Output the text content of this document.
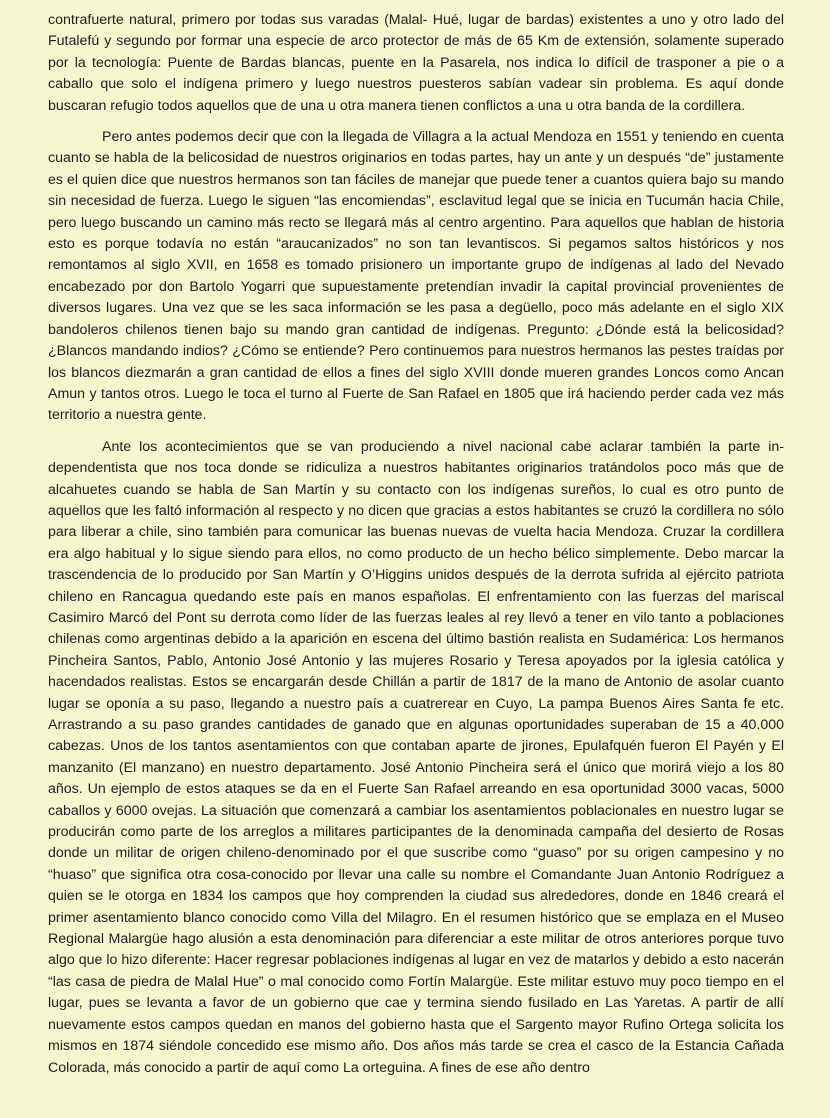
contrafuerte natural, primero por todas sus varadas (Malal- Hué, lugar de bardas) existentes a uno y otro lado del Futalefú y segundo por formar una especie de arco protector de más de 65 Km de extensión, solamente superado por la tecnología: Puente de Bardas blancas, puente en la Pasarela, nos indica lo difícil de trasponer a pie o a caballo que solo el indígena primero y luego nuestros puesteros sabían vadear sin problema. Es aquí donde buscaran refugio todos aquellos que de una u otra manera tienen conflictos a una u otra banda de la cordillera.

Pero antes podemos decir que con la llegada de Villagra a la actual Mendoza en 1551 y teniendo en cuenta cuanto se habla de la belicosidad de nuestros originarios en todas partes, hay un ante y un después “de” justamente es el quien dice que nuestros hermanos son tan fáciles de manejar que puede tener a cuantos quiera bajo su mando sin necesidad de fuerza. Luego le siguen “las encomiendas”, esclavitud legal que se inicia en Tucumán hacia Chile, pero luego buscando un camino más recto se llegará más al centro argentino. Para aquellos que hablan de historia esto es porque todavía no están “araucanizados” no son tan levantiscos. Si pegamos saltos históricos y nos remontamos al siglo XVII, en 1658 es tomado prisionero un importante grupo de indígenas al lado del Nevado encabezado por don Bartolo Yogarri que supuestamente pretendían invadir la capital provincial provenientes de diversos lugares. Una vez que se les saca información se les pasa a degüello, poco más adelante en el siglo XIX bandoleros chilenos tienen bajo su mando gran cantidad de indígenas. Pregunto: ¿Dónde está la belicosidad? ¿Blancos mandando indios? ¿Cómo se entiende? Pero continuemos para nuestros hermanos las pestes traídas por los blancos diezmarán a gran cantidad de ellos a fines del siglo XVIII donde mueren grandes Loncos como Ancan Amun y tantos otros. Luego le toca el turno al Fuerte de San Rafael en 1805 que irá haciendo perder cada vez más territorio a nuestra gente.

Ante los acontecimientos que se van produciendo a nivel nacional cabe aclarar también la parte independentista que nos toca donde se ridiculiza a nuestros habitantes originarios tratándolos poco más que de alcahuetes cuando se habla de San Martín y su contacto con los indígenas sureños, lo cual es otro punto de aquellos que les faltó información al respecto y no dicen que gracias a estos habitantes se cruzó la cordillera no sólo para liberar a chile, sino también para comunicar las buenas nuevas de vuelta hacia Mendoza. Cruzar la cordillera era algo habitual y lo sigue siendo para ellos, no como producto de un hecho bélico simplemente. Debo marcar la trascendencia de lo producido por San Martín y O’Higgins unidos después de la derrota sufrida al ejército patriota chileno en Rancagua quedando este país en manos españolas. El enfrentamiento con las fuerzas del mariscal Casimiro Marcó del Pont su derrota como líder de las fuerzas leales al rey llevó a tener en vilo tanto a poblaciones chilenas como argentinas debido a la aparición en escena del último bastión realista en Sudamérica: Los hermanos Pincheira Santos, Pablo, Antonio José Antonio y las mujeres Rosario y Teresa apoyados por la iglesia católica y hacendados realistas. Estos se encargarán desde Chillán a partir de 1817 de la mano de Antonio de asolar cuanto lugar se oponía a su paso, llegando a nuestro país a cuatrerear en Cuyo, La pampa Buenos Aires Santa fe etc. Arrastrando a su paso grandes cantidades de ganado que en algunas oportunidades superaban de 15 a 40.000 cabezas. Unos de los tantos asentamientos con que contaban aparte de jirones, Epulafquén fueron El Payén y El manzanito (El manzano) en nuestro departamento. José Antonio Pincheira será el único que morirá viejo a los 80 años. Un ejemplo de estos ataques se da en el Fuerte San Rafael arreando en esa oportunidad 3000 vacas, 5000 caballos y 6000 ovejas. La situación que comenzará a cambiar los asentamientos poblacionales en nuestro lugar se producirán como parte de los arreglos a militares participantes de la denominada campaña del desierto de Rosas donde un militar de origen chileno-denominado por el que suscribe como “guaso” por su origen campesino y no “huaso” que significa otra cosa-conocido por llevar una calle su nombre el Comandante Juan Antonio Rodríguez a quien se le otorga en 1834 los campos que hoy comprenden la ciudad sus alrededores, donde en 1846 creará el primer asentamiento blanco conocido como Villa del Milagro. En el resumen histórico que se emplaza en el Museo Regional Malargüe hago alusión a esta denominación para diferenciar a este militar de otros anteriores porque tuvo algo que lo hizo diferente: Hacer regresar poblaciones indígenas al lugar en vez de matarlos y debido a esto nacerán “las casa de piedra de Malal Hue” o mal conocido como Fortín Malargüe. Este militar estuvo muy poco tiempo en el lugar, pues se levanta a favor de un gobierno que cae y termina siendo fusilado en Las Yaretas. A partir de allí nuevamente estos campos quedan en manos del gobierno hasta que el Sargento mayor Rufino Ortega solicita los mismos en 1874 siéndole concedido ese mismo año. Dos años más tarde se crea el casco de la Estancia Cañada Colorada, más conocido a partir de aquí como La orteguina. A fines de ese año dentro
